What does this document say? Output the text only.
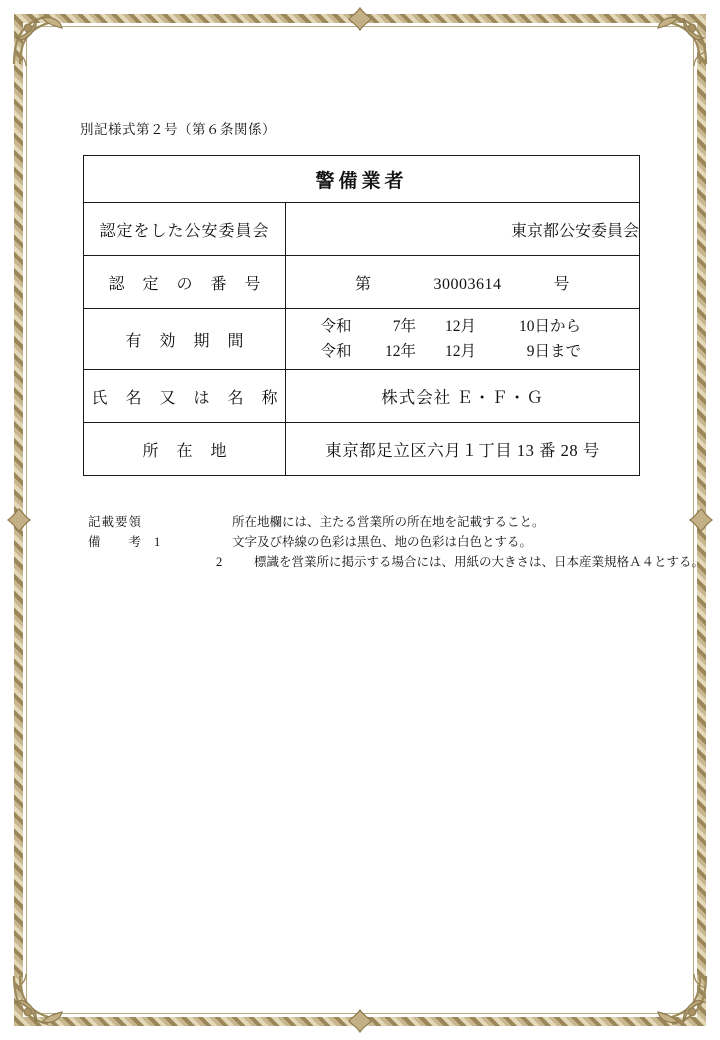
別記様式第２号（第６条関係）
警備業者	
認定をした公安委員会	東京都公安委員会
認 定 の 番 号	第 30003614 号
有 効 期 間	令和 7年 12月 10日から
令和 12年 12月 9日まで

氏 名 又 は 名 称	株式会社 Ｅ・Ｆ・Ｇ
所 在 地	東京都足立区六月１丁目 13 番 28 号
記載要領	所在地欄には、主たる営業所の所在地を記載すること。
備　　考 1	文字及び枠線の色彩は黒色、地の色彩は白色とする。
2	標識を営業所に掲示する場合には、用紙の大きさは、日本産業規格Ａ４とする。
